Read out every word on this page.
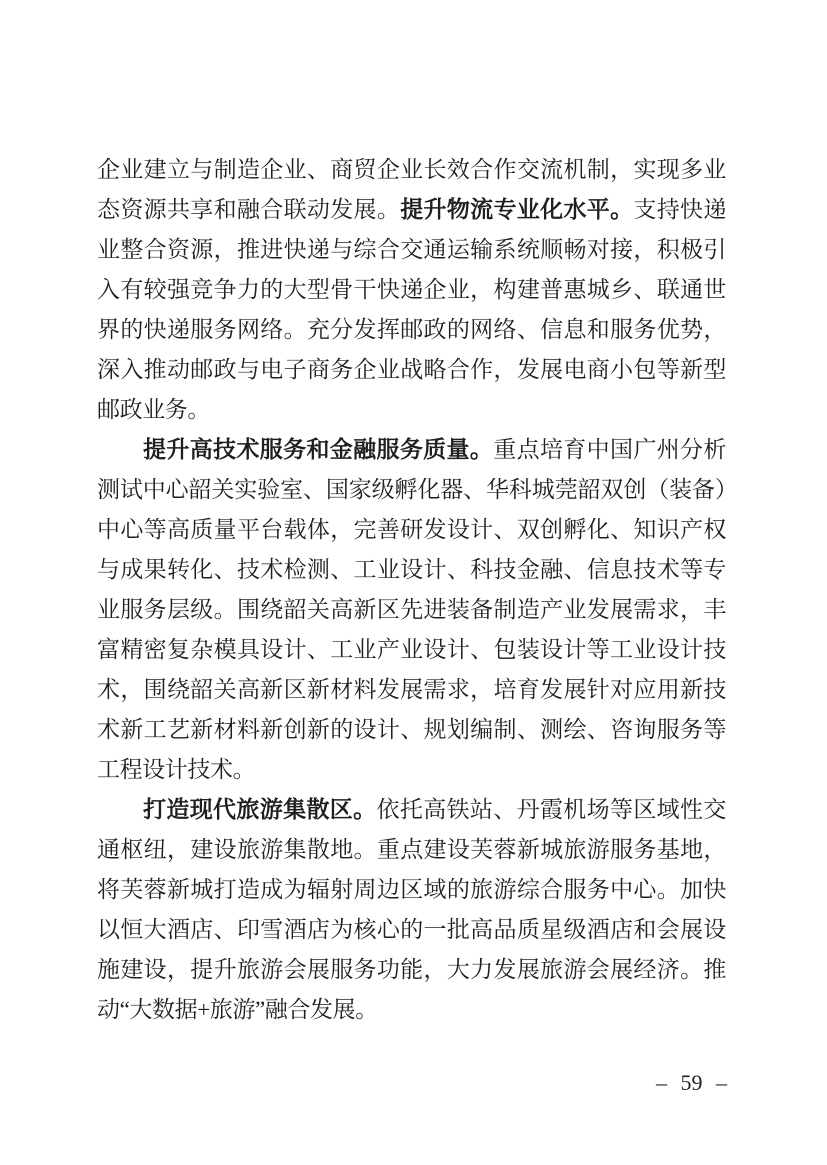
企业建立与制造企业、商贸企业长效合作交流机制，实现多业态资源共享和融合联动发展。提升物流专业化水平。支持快递业整合资源，推进快递与综合交通运输系统顺畅对接，积极引入有较强竞争力的大型骨干快递企业，构建普惠城乡、联通世界的快递服务网络。充分发挥邮政的网络、信息和服务优势，深入推动邮政与电子商务企业战略合作，发展电商小包等新型邮政业务。

提升高技术服务和金融服务质量。重点培育中国广州分析测试中心韶关实验室、国家级孵化器、华科城莞韶双创（装备）中心等高质量平台载体，完善研发设计、双创孵化、知识产权与成果转化、技术检测、工业设计、科技金融、信息技术等专业服务层级。围绕韶关高新区先进装备制造产业发展需求，丰富精密复杂模具设计、工业产业设计、包装设计等工业设计技术，围绕韶关高新区新材料发展需求，培育发展针对应用新技术新工艺新材料新创新的设计、规划编制、测绘、咨询服务等工程设计技术。

打造现代旅游集散区。依托高铁站、丹霞机场等区域性交通枢纽，建设旅游集散地。重点建设芙蓉新城旅游服务基地，将芙蓉新城打造成为辐射周边区域的旅游综合服务中心。加快以恒大酒店、印雪酒店为核心的一批高品质星级酒店和会展设施建设，提升旅游会展服务功能，大力发展旅游会展经济。推动“大数据+旅游”融合发展。

– 59 –
